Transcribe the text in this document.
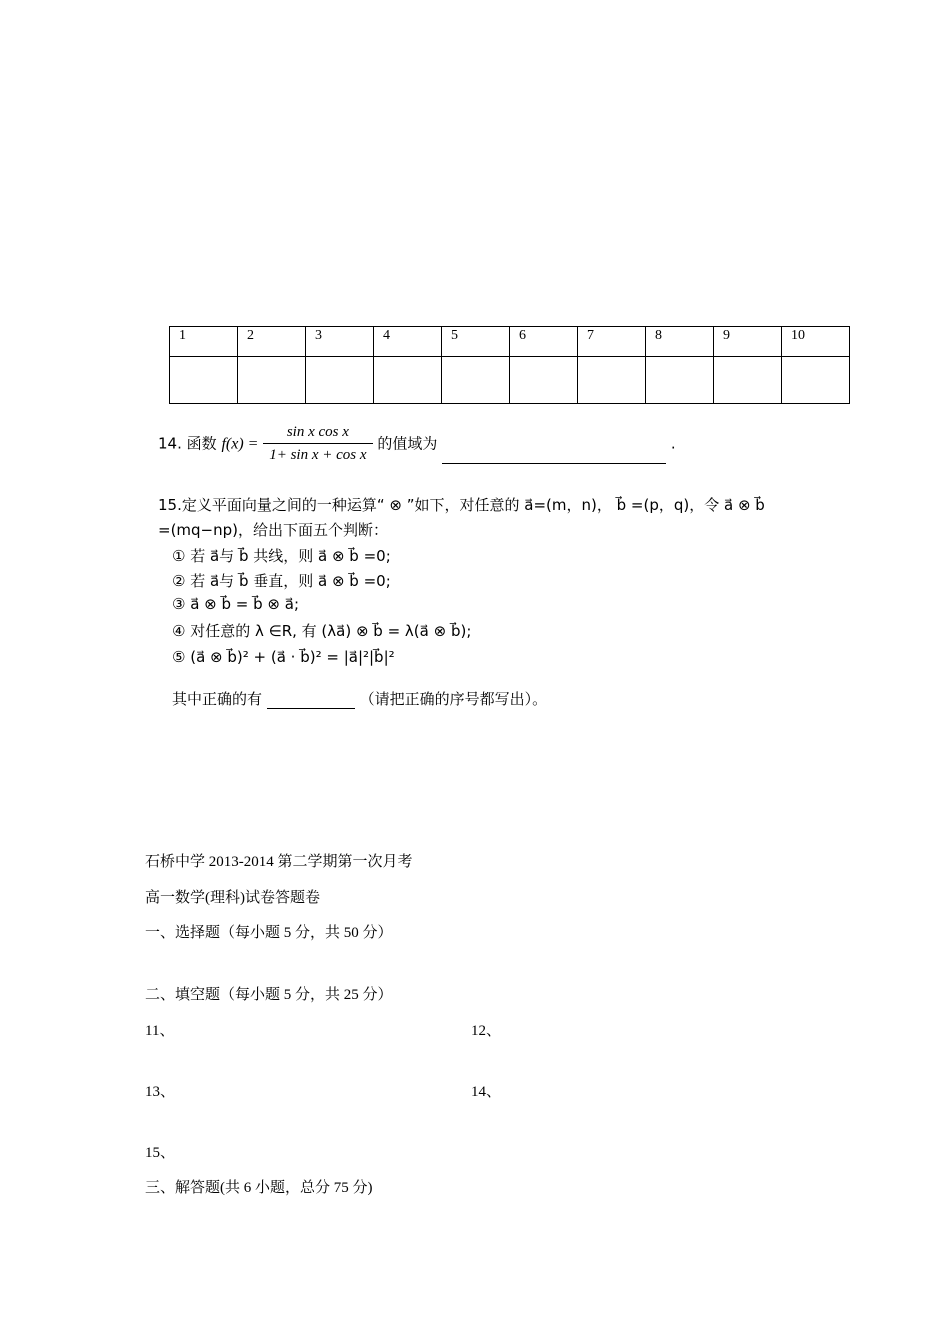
1	2	3	4	5	6	7	8	9	10

14. 函数 $f(x) = \frac{\text{sin x cos x}}{\text{1+ sin x + cos x}}$ 的值域为	.
15.定义平面向量之间的一种运算“ ⊗ ”如下，对任意的 a⃗=(m，n)， b⃗ =(p，q)，令 a⃗ ⊗ b⃗
=(mq−np)，给出下面五个判断：
① 若 a⃗与 b⃗ 共线，则 a⃗ ⊗ b⃗ =0;
② 若 a⃗与 b⃗ 垂直，则 a⃗ ⊗ b⃗ =0;
③ a⃗ ⊗ b⃗ = b⃗ ⊗ a⃗;
④ 对任意的 λ ∈R, 有 (λa⃗) ⊗ b⃗ = λ(a⃗ ⊗ b⃗);
⑤ (a⃗ ⊗ b⃗)² + (a⃗ · b⃗)² = |a⃗|²|b⃗|²
其中正确的有	（请把正确的序号都写出）。
石桥中学 2013-2014 第二学期第一次月考
高一数学(理科)试卷答题卷
一、选择题（每小题 5 分，共 50 分）
二、填空题（每小题 5 分，共 25 分）
11、	12、
13、	14、
15、
三、解答题(共 6 小题，总分 75 分)
